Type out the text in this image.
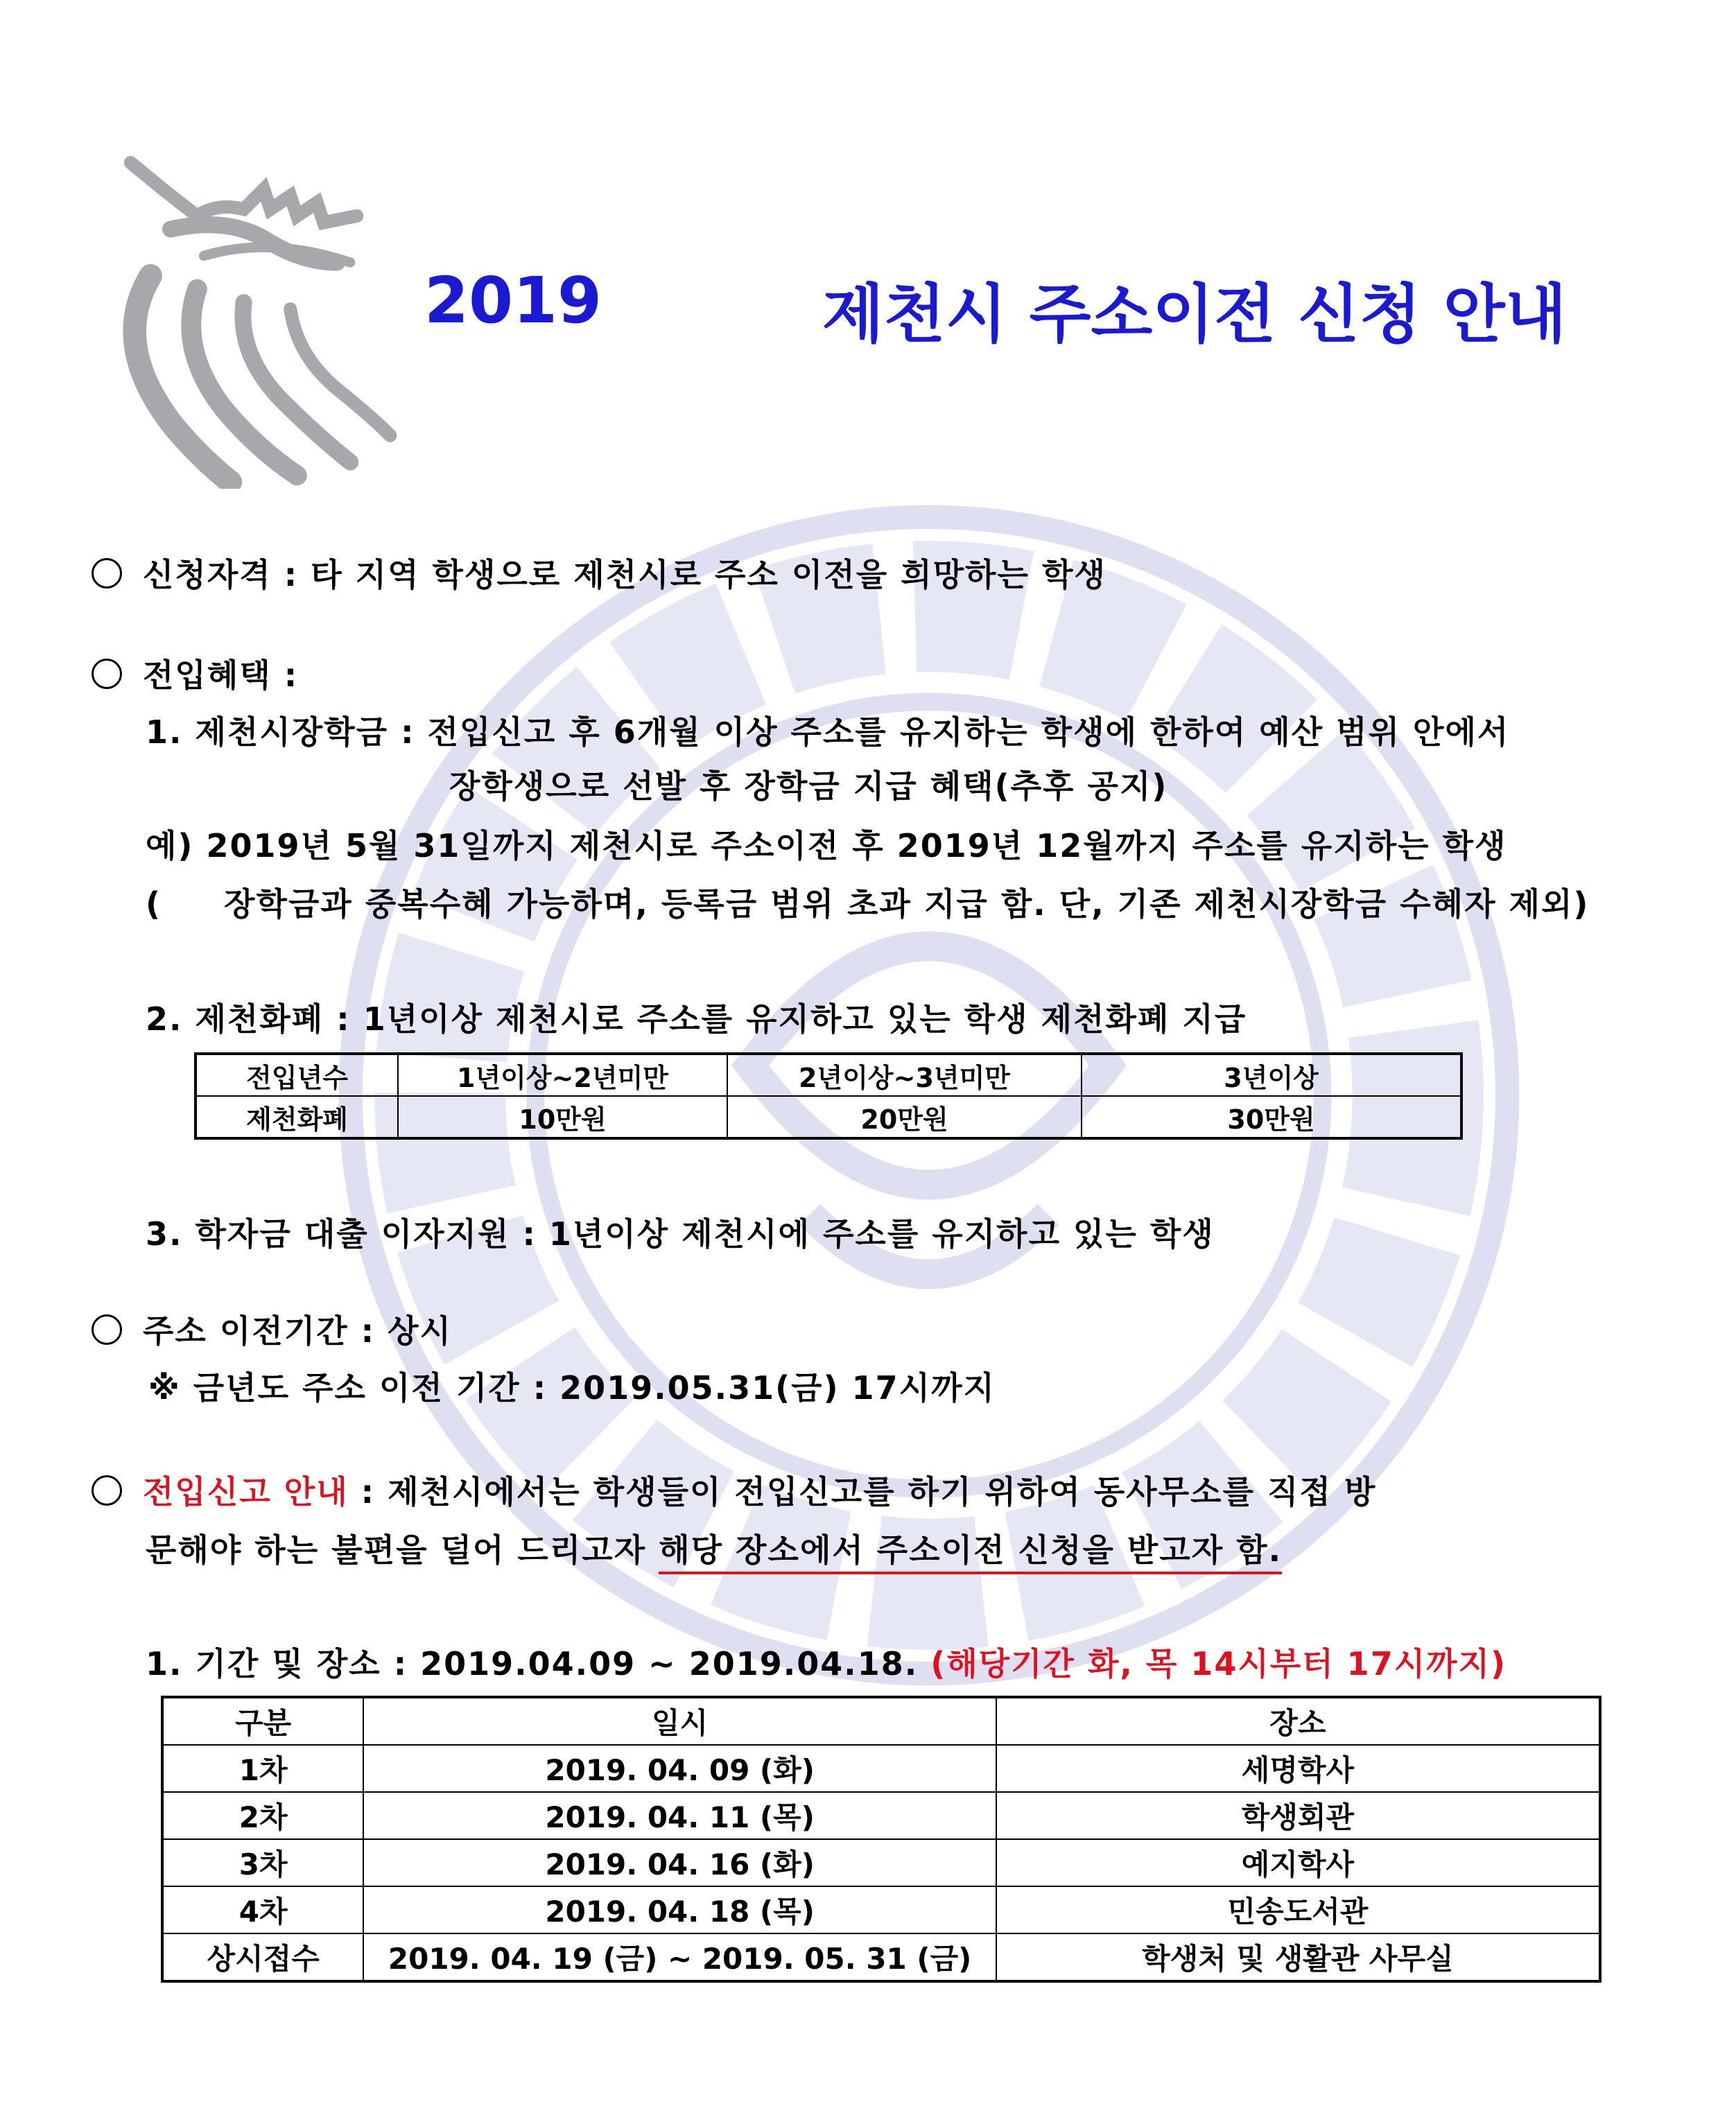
2019	제천시 주소이전 신청 안내
신청자격 : 타 지역 학생으로 제천시로 주소 이전을 희망하는 학생
전입혜택 :
1. 제천시장학금 : 전입신고 후 6개월 이상 주소를 유지하는 학생에 한하여 예산 범위 안에서
장학생으로 선발 후 장학금 지급 혜택(추후 공지)
예) 2019년 5월 31일까지 제천시로 주소이전 후 2019년 12월까지 주소를 유지하는 학생
(     장학금과 중복수혜 가능하며, 등록금 범위 초과 지급 함. 단, 기존 제천시장학금 수혜자 제외)
2. 제천화폐 : 1년이상 제천시로 주소를 유지하고 있는 학생 제천화폐 지급
전입년수	1년이상~2년미만	2년이상~3년미만	3년이상
제천화폐	10만원	20만원	30만원
3. 학자금 대출 이자지원 : 1년이상 제천시에 주소를 유지하고 있는 학생
주소 이전기간 : 상시
※ 금년도 주소 이전 기간 : 2019.05.31(금) 17시까지
전입신고 안내 : 제천시에서는 학생들이 전입신고를 하기 위하여 동사무소를 직접 방
문해야 하는 불편을 덜어 드리고자 해당 장소에서 주소이전 신청을 받고자 함.
1. 기간 및 장소 : 2019.04.09 ~ 2019.04.18. (해당기간 화, 목 14시부터 17시까지)
구분	일시	장소
1차	2019. 04. 09 (화)	세명학사
2차	2019. 04. 11 (목)	학생회관
3차	2019. 04. 16 (화)	예지학사
4차	2019. 04. 18 (목)	민송도서관
상시접수	2019. 04. 19 (금) ~ 2019. 05. 31 (금)	학생처 및 생활관 사무실
